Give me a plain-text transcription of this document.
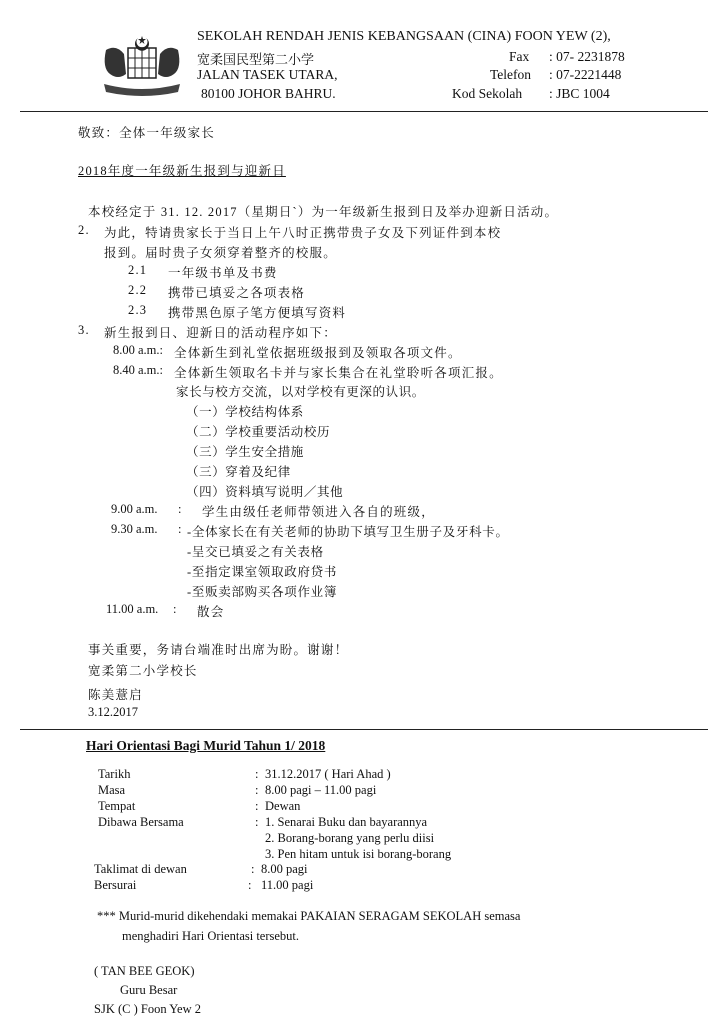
SEKOLAH RENDAH JENIS KEBANGSAAN (CINA) FOON YEW (2),
宽柔国民型第二小学
JALAN TASEK UTARA,
80100 JOHOR BAHRU.
Fax : 07- 2231878
Telefon : 07-2221448
Kod Sekolah : JBC 1004
敬致：全体一年级家长
2018年度一年级新生报到与迎新日
本校经定于 31. 12. 2017（星期日`）为一年级新生报到日及举办迎新日活动。
2. 为此，特请贵家长于当日上午八时正携带贵子女及下列证件到本校
报到。届时贵子女须穿着整齐的校服。
2.1 一年级书单及书费
2.2 携带已填妥之各项表格
2.3 携带黑色原子笔方便填写资料
3. 新生报到日、迎新日的活动程序如下：
8.00 a.m.: 全体新生到礼堂依据班级报到及领取各项文件。
8.40 a.m.: 全体新生领取名卡并与家长集合在礼堂聆听各项汇报。
家长与校方交流，以对学校有更深的认识。
（一）学校结构体系
（二）学校重要活动校历
（三）学生安全措施
（三）穿着及纪律
（四）资料填写说明／其他
9.00 a.m. : 学生由级任老师带领进入各自的班级，
9.30 a.m. : -全体家长在有关老师的协助下填写卫生册子及牙科卡。
-呈交已填妥之有关表格
-至指定课室领取政府贷书
-至贩卖部购买各项作业簿
11.00 a.m. : 散会
事关重要，务请台端准时出席为盼。谢谢！
宽柔第二小学校长
陈美薏启
3.12.2017
Hari Orientasi Bagi Murid Tahun 1/ 2018
Tarikh	: 31.12.2017 ( Hari Ahad )
Masa	: 8.00 pagi – 11.00 pagi
Tempat	: Dewan
Dibawa Bersama	: 1. Senarai Buku dan bayarannya
2. Borang-borang yang perlu diisi
3. Pen hitam untuk isi borang-borang
Taklimat di dewan	: 8.00 pagi
Bersurai	: 11.00 pagi
*** Murid-murid dikehendaki memakai PAKAIAN SERAGAM SEKOLAH semasa
menghadiri Hari Orientasi tersebut.
( TAN BEE GEOK)
Guru Besar
SJK (C ) Foon Yew 2
